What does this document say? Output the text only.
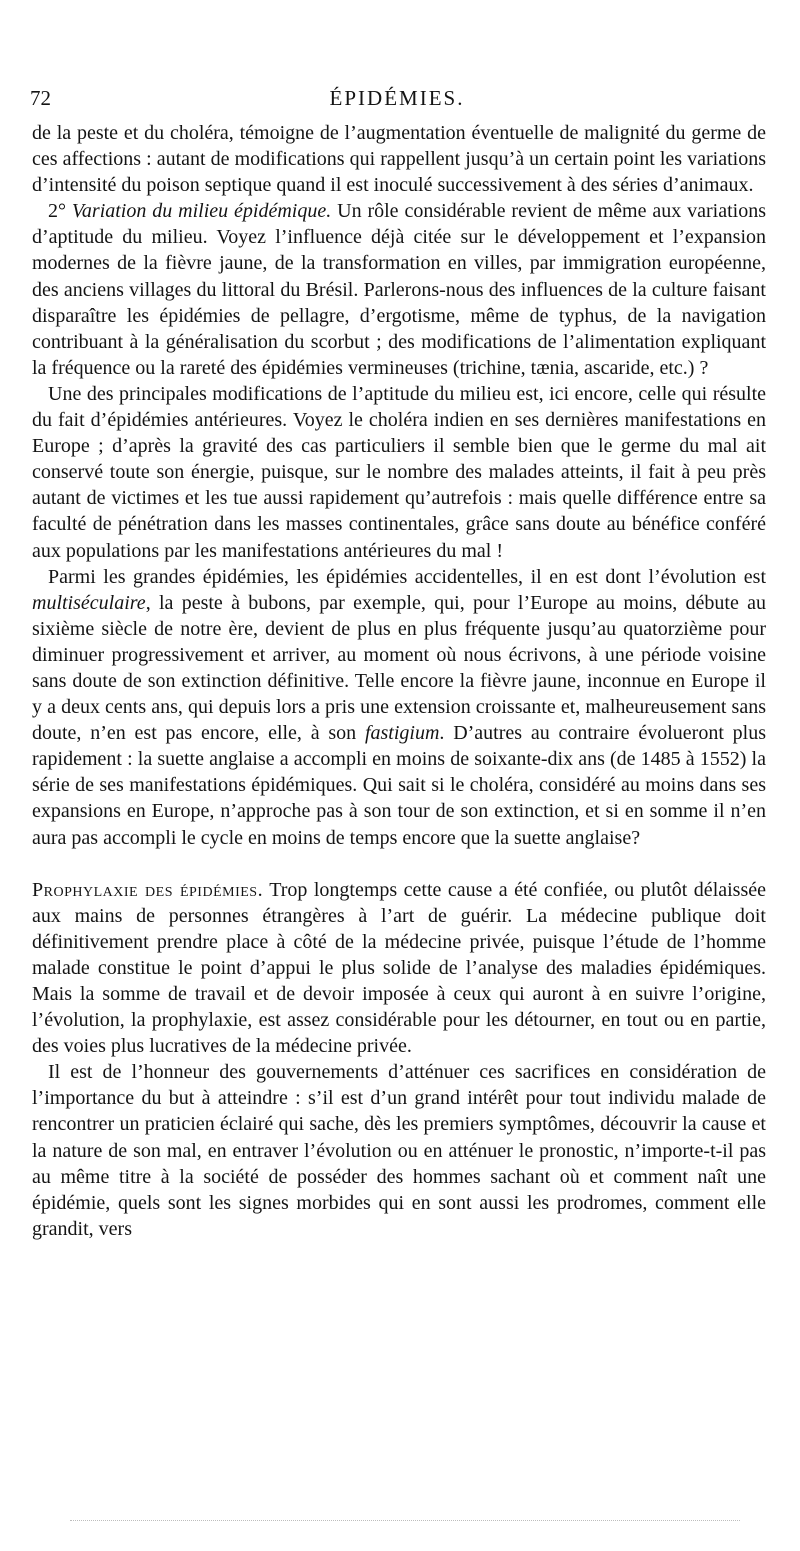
72	ÉPIDÉMIES.

de la peste et du choléra, témoigne de l’augmentation éventuelle de malignité du germe de ces affections : autant de modifications qui rappellent jusqu’à un certain point les variations d’intensité du poison septique quand il est inoculé successivement à des séries d’animaux.

2° Variation du milieu épidémique. Un rôle considérable revient de même aux variations d’aptitude du milieu. Voyez l’influence déjà citée sur le développement et l’expansion modernes de la fièvre jaune, de la transformation en villes, par immigration européenne, des anciens villages du littoral du Brésil. Parlerons-nous des influences de la culture faisant disparaître les épidémies de pellagre, d’ergotisme, même de typhus, de la navigation contribuant à la généralisation du scorbut ; des modifications de l’alimentation expliquant la fréquence ou la rareté des épidémies vermineuses (trichine, tænia, ascaride, etc.) ?

Une des principales modifications de l’aptitude du milieu est, ici encore, celle qui résulte du fait d’épidémies antérieures. Voyez le choléra indien en ses dernières manifestations en Europe ; d’après la gravité des cas particuliers il semble bien que le germe du mal ait conservé toute son énergie, puisque, sur le nombre des malades atteints, il fait à peu près autant de victimes et les tue aussi rapidement qu’autrefois : mais quelle différence entre sa faculté de pénétration dans les masses continentales, grâce sans doute au bénéfice conféré aux populations par les manifestations antérieures du mal !

Parmi les grandes épidémies, les épidémies accidentelles, il en est dont l’évolution est multiséculaire, la peste à bubons, par exemple, qui, pour l’Europe au moins, débute au sixième siècle de notre ère, devient de plus en plus fréquente jusqu’au quatorzième pour diminuer progressivement et arriver, au moment où nous écrivons, à une période voisine sans doute de son extinction définitive. Telle encore la fièvre jaune, inconnue en Europe il y a deux cents ans, qui depuis lors a pris une extension croissante et, malheureusement sans doute, n’en est pas encore, elle, à son fastigium. D’autres au contraire évolueront plus rapidement : la suette anglaise a accompli en moins de soixante-dix ans (de 1485 à 1552) la série de ses manifestations épidémiques. Qui sait si le choléra, considéré au moins dans ses expansions en Europe, n’approche pas à son tour de son extinction, et si en somme il n’en aura pas accompli le cycle en moins de temps encore que la suette anglaise?

Prophylaxie des épidémies. Trop longtemps cette cause a été confiée, ou plutôt délaissée aux mains de personnes étrangères à l’art de guérir. La médecine publique doit définitivement prendre place à côté de la médecine privée, puisque l’étude de l’homme malade constitue le point d’appui le plus solide de l’analyse des maladies épidémiques. Mais la somme de travail et de devoir imposée à ceux qui auront à en suivre l’origine, l’évolution, la prophylaxie, est assez considérable pour les détourner, en tout ou en partie, des voies plus lucratives de la médecine privée.

Il est de l’honneur des gouvernements d’atténuer ces sacrifices en considération de l’importance du but à atteindre : s’il est d’un grand intérêt pour tout individu malade de rencontrer un praticien éclairé qui sache, dès les premiers symptômes, découvrir la cause et la nature de son mal, en entraver l’évolution ou en atténuer le pronostic, n’importe-t-il pas au même titre à la société de posséder des hommes sachant où et comment naît une épidémie, quels sont les signes morbides qui en sont aussi les prodromes, comment elle grandit, vers
